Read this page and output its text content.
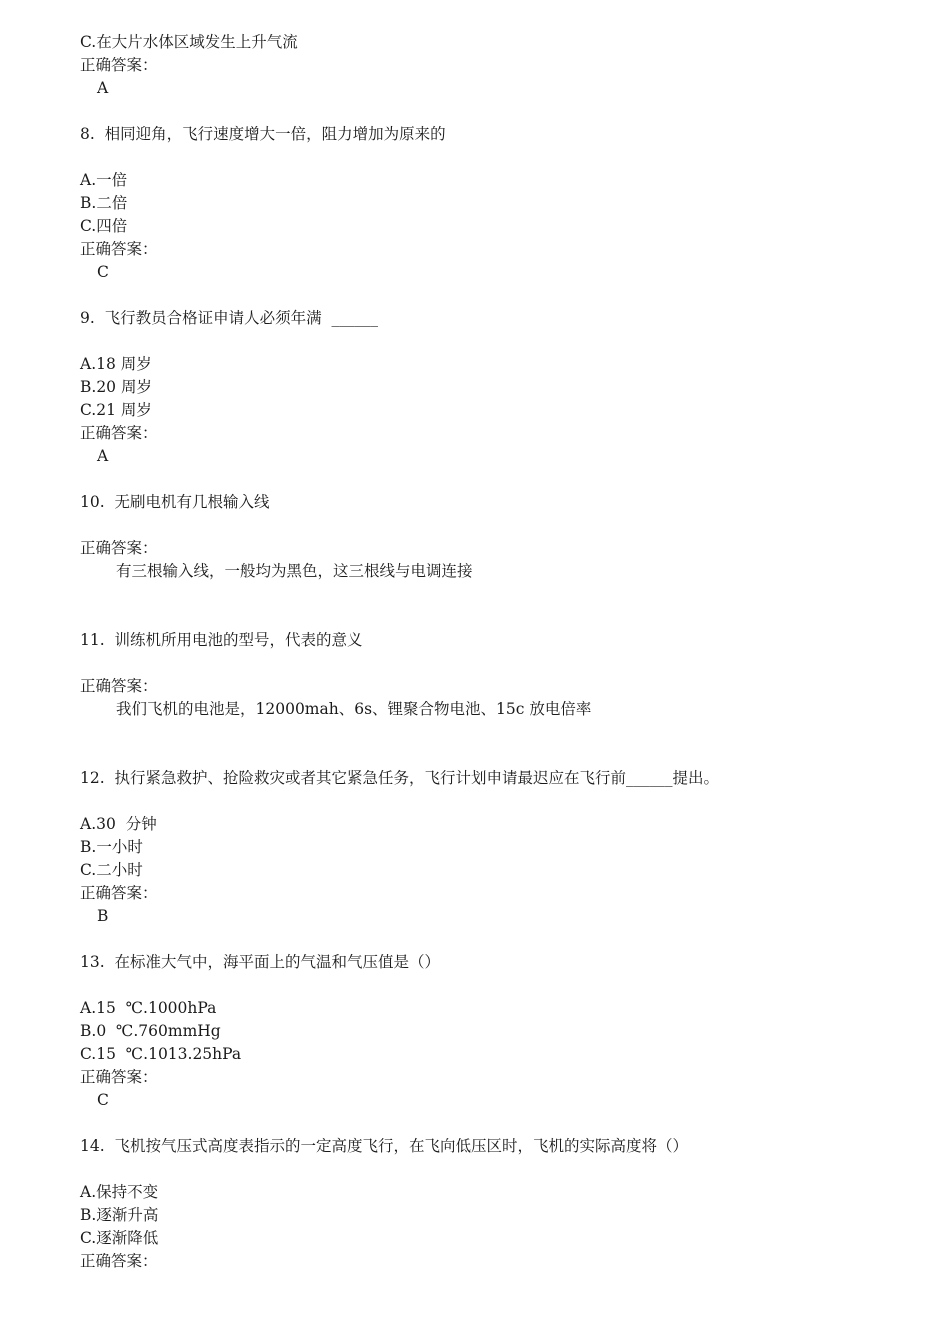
C.在大片水体区域发生上升气流
正确答案：
A
8.  相同迎角，飞行速度增大一倍，阻力增加为原来的
A.一倍
B.二倍
C.四倍
正确答案：
C
9.  飞行教员合格证申请人必须年满  ______
A.18 周岁
B.20 周岁
C.21 周岁
正确答案：
A
10.  无刷电机有几根输入线
正确答案：
有三根输入线，一般均为黑色，这三根线与电调连接
11.  训练机所用电池的型号，代表的意义
正确答案：
我们飞机的电池是，12000mah、6s、锂聚合物电池、15c 放电倍率
12.  执行紧急救护、抢险救灾或者其它紧急任务，飞行计划申请最迟应在飞行前______提出。
A.30  分钟
B.一小时
C.二小时
正确答案：
B
13.  在标准大气中，海平面上的气温和气压值是（）
A.15  ℃.1000hPa
B.0  ℃.760mmHg
C.15  ℃.1013.25hPa
正确答案：
C
14.  飞机按气压式高度表指示的一定高度飞行，在飞向低压区时，飞机的实际高度将（）
A.保持不变
B.逐渐升高
C.逐渐降低
正确答案：
